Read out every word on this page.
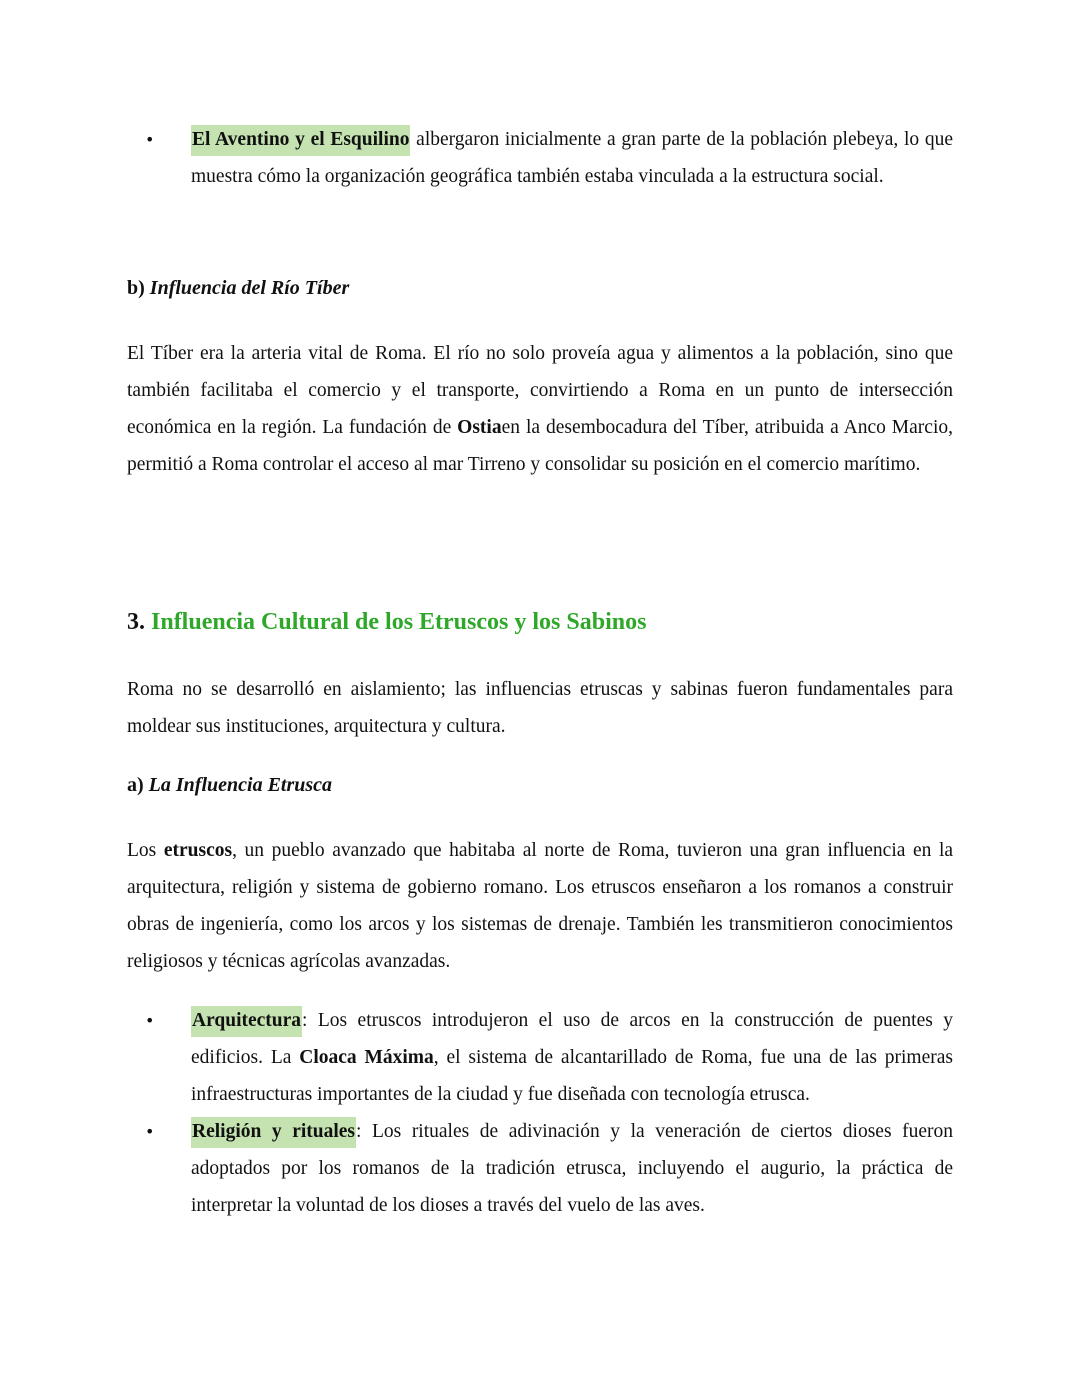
• El Aventino y el Esquilino albergaron inicialmente a gran parte de la población plebeya, lo que muestra cómo la organización geográfica también estaba vinculada a la estructura social.
b) Influencia del Río Tíber

El Tíber era la arteria vital de Roma. El río no solo proveía agua y alimentos a la población, sino que también facilitaba el comercio y el transporte, convirtiendo a Roma en un punto de intersección económica en la región. La fundación de Ostiaen la desembocadura del Tíber, atribuida a Anco Marcio, permitió a Roma controlar el acceso al mar Tirreno y consolidar su posición en el comercio marítimo.

3. Influencia Cultural de los Etruscos y los Sabinos

Roma no se desarrolló en aislamiento; las influencias etruscas y sabinas fueron fundamentales para moldear sus instituciones, arquitectura y cultura.

a) La Influencia Etrusca

Los etruscos, un pueblo avanzado que habitaba al norte de Roma, tuvieron una gran influencia en la arquitectura, religión y sistema de gobierno romano. Los etruscos enseñaron a los romanos a construir obras de ingeniería, como los arcos y los sistemas de drenaje. También les transmitieron conocimientos religiosos y técnicas agrícolas avanzadas.

• Arquitectura: Los etruscos introdujeron el uso de arcos en la construcción de puentes y edificios. La Cloaca Máxima, el sistema de alcantarillado de Roma, fue una de las primeras infraestructuras importantes de la ciudad y fue diseñada con tecnología etrusca.
• Religión y rituales: Los rituales de adivinación y la veneración de ciertos dioses fueron adoptados por los romanos de la tradición etrusca, incluyendo el augurio, la práctica de interpretar la voluntad de los dioses a través del vuelo de las aves.
